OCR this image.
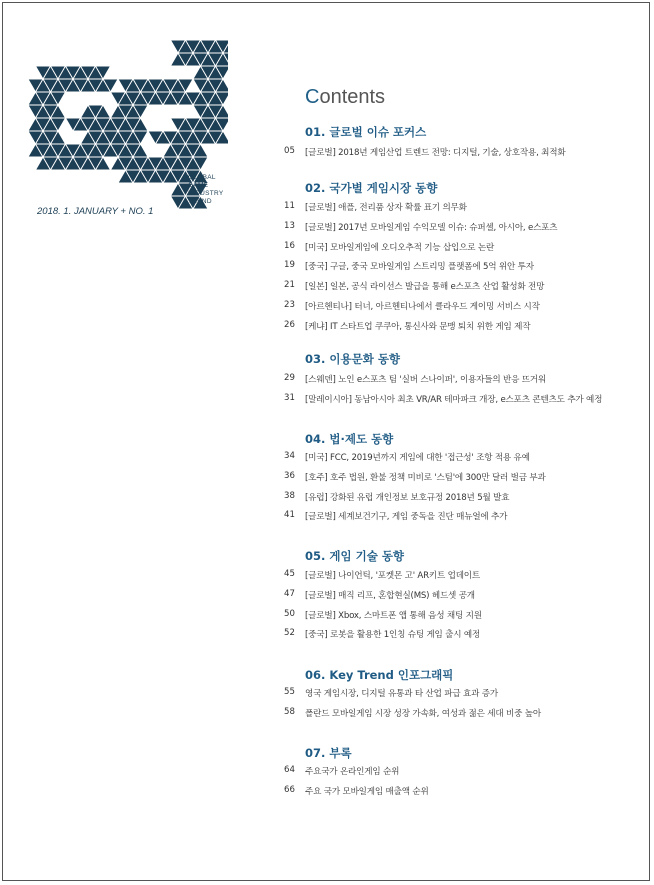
GLOBAL
GAME
INDUSTRY
TREND
2018. 1. JANUARY + NO. 1
Contents
01. 글로벌 이슈 포커스
05 [글로벌] 2018년 게임산업 트렌드 전망: 디지털, 기술, 상호작용, 최적화
02. 국가별 게임시장 동향
11 [글로벌] 애플, 전리품 상자 확률 표기 의무화
13 [글로벌] 2017년 모바일게임 수익모델 이슈: 슈퍼셀, 아시아, e스포츠
16 [미국] 모바일게임에 오디오추적 기능 삽입으로 논란
19 [중국] 구글, 중국 모바일게임 스트리밍 플랫폼에 5억 위안 투자
21 [일본] 일본, 공식 라이선스 발급을 통해 e스포츠 산업 활성화 전망
23 [아르헨티나] 터너, 아르헨티나에서 클라우드 게이밍 서비스 시작
26 [케냐] IT 스타트업 쿠쿠아, 통신사와 문맹 퇴치 위한 게임 제작
03. 이용문화 동향
29 [스웨덴] 노인 e스포츠 팀 '실버 스나이퍼', 이용자들의 반응 뜨거워
31 [말레이시아] 동남아시아 최초 VR/AR 테마파크 개장, e스포츠 콘텐츠도 추가 예정
04. 법·제도 동향
34 [미국] FCC, 2019년까지 게임에 대한 '접근성' 조항 적용 유예
36 [호주] 호주 법원, 환불 정책 미비로 '스팀'에 300만 달러 벌금 부과
38 [유럽] 강화된 유럽 개인정보 보호규정 2018년 5월 발효
41 [글로벌] 세계보건기구, 게임 중독을 진단 매뉴얼에 추가
05. 게임 기술 동향
45 [글로벌] 나이언틱, '포켓몬 고' AR키트 업데이트
47 [글로벌] 매직 리프, 혼합현실(MS) 헤드셋 공개
50 [글로벌] Xbox, 스마트폰 앱 통해 음성 채팅 지원
52 [중국] 로봇을 활용한 1인칭 슈팅 게임 출시 예정
06. Key Trend 인포그래픽
55 영국 게임시장, 디지털 유통과 타 산업 파급 효과 증가
58 폴란드 모바일게임 시장 성장 가속화, 여성과 젊은 세대 비중 높아
07. 부록
64 주요국가 온라인게임 순위
66 주요 국가 모바일게임 매출액 순위
